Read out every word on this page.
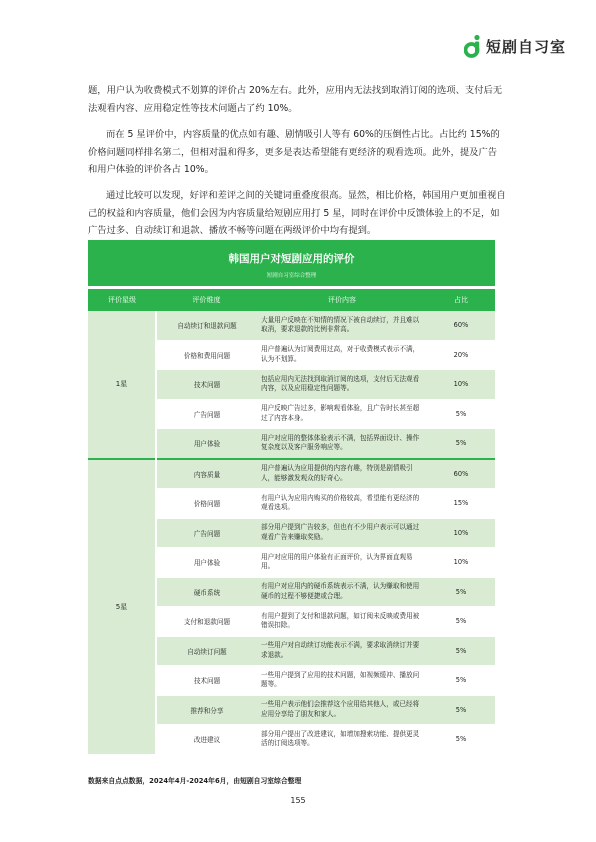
短剧自习室

题，用户认为收费模式不划算的评价占 20%左右。此外，应用内无法找到取消订阅的选项、支付后无法观看内容、应用稳定性等技术问题占了约 10%。

而在 5 星评价中，内容质量的优点如有趣、剧情吸引人等有 60%的压倒性占比。占比约 15%的价格问题同样排名第二，但相对温和得多，更多是表达希望能有更经济的观看选项。此外，提及广告和用户体验的评价各占 10%。

通过比较可以发现，好评和差评之间的关键词重叠度很高。显然，相比价格，韩国用户更加重视自己的权益和内容质量，他们会因为内容质量给短剧应用打 5 星，同时在评价中反馈体验上的不足，如广告过多、自动续订和退款、播放不畅等问题在两级评价中均有提到。

韩国用户对短剧应用的评价
短剧自习室综合整理
评价星级	评价维度	评价内容	占比
1星	自动续订和退款问题	大量用户反映在不知情的情况下被自动续订，并且难以取消，要求退款的比例非常高。	60%
	价格和费用问题	用户普遍认为订阅费用过高，对于收费模式表示不满，认为不划算。	20%
	技术问题	包括应用内无法找到取消订阅的选项，支付后无法观看内容，以及应用稳定性问题等。	10%
	广告问题	用户反映广告过多，影响观看体验，且广告时长甚至超过了内容本身。	5%
	用户体验	用户对应用的整体体验表示不满，包括界面设计、操作复杂度以及客户服务响应等。	5%
5星	内容质量	用户普遍认为应用提供的内容有趣，特别是剧情吸引人，能够激发观众的好奇心。	60%
	价格问题	有用户认为应用内购买的价格较高，希望能有更经济的观看选项。	15%
	广告问题	部分用户提到广告较多，但也有不少用户表示可以通过观看广告来赚取奖励。	10%
	用户体验	用户对应用的用户体验有正面评价，认为界面直观易用。	10%
	硬币系统	有用户对应用内的硬币系统表示不满，认为赚取和使用硬币的过程不够便捷或合理。	5%
	支付和退款问题	有用户提到了支付和退款问题，如订阅未反映或费用被错误扣除。	5%
	自动续订问题	一些用户对自动续订功能表示不满，要求取消续订并要求退款。	5%
	技术问题	一些用户提到了应用的技术问题，如视频缓冲、播放问题等。	5%
	推荐和分享	一些用户表示他们会推荐这个应用给其他人，或已经将应用分享给了朋友和家人。	5%
	改进建议	部分用户提出了改进建议，如增加搜索功能、提供更灵活的订阅选项等。	5%
数据来自点点数据，2024年4月-2024年6月，由短剧自习室综合整理
155
